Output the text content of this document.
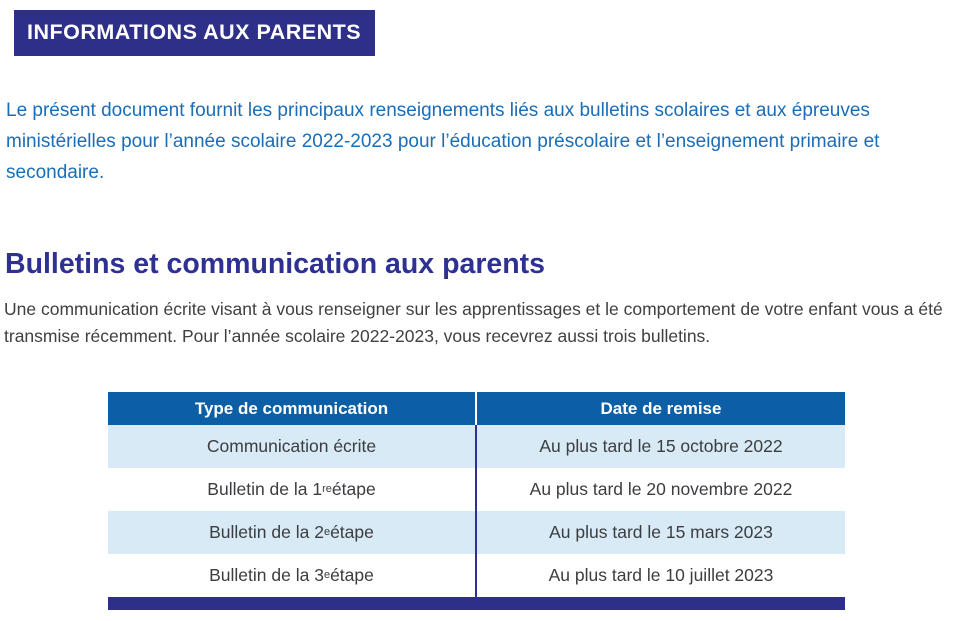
INFORMATIONS AUX PARENTS

Le présent document fournit les principaux renseignements liés aux bulletins scolaires et aux épreuves ministérielles pour l’année scolaire 2022-2023 pour l’éducation préscolaire et l’enseignement primaire et secondaire.

Bulletins et communication aux parents

Une communication écrite visant à vous renseigner sur les apprentissages et le comportement de votre enfant vous a été transmise récemment. Pour l’année scolaire 2022-2023, vous recevrez aussi trois bulletins.

Type de communication	Date de remise
Communication écrite	Au plus tard le 15 octobre 2022
Bulletin de la 1 re étape	Au plus tard le 20 novembre 2022
Bulletin de la 2 e étape	Au plus tard le 15 mars 2023
Bulletin de la 3 e étape	Au plus tard le 10 juillet 2023
